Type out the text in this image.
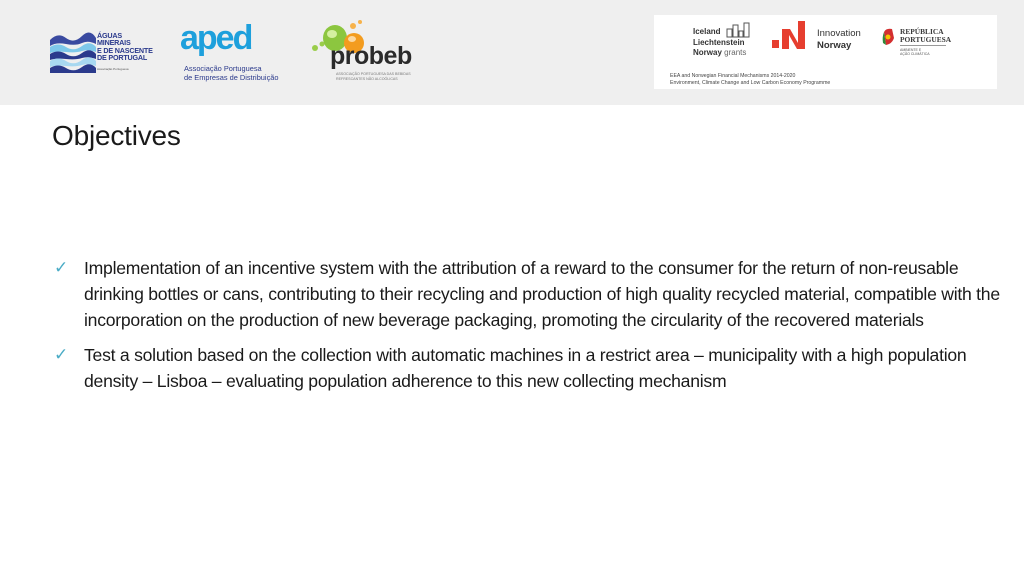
ÁGUAS
MINERAIS
E DE NASCENTE
DE PORTUGAL
Associação Portuguesa
aped
Associação Portuguesa
de Empresas de Distribuição
probeb
ASSOCIAÇÃO PORTUGUESA DAS BEBIDAS
REFRESCANTES NÃO ALCOÓLICAS
Iceland
Liechtenstein
Norway grants
Innovation
Norway
REPÚBLICA
PORTUGUESA
AMBIENTE E
AÇÃO CLIMÁTICA
EEA and Norwegian Financial Mechanisms 2014-2020
Environment, Climate Change and Low Carbon Economy Programme
Objectives
✓ Implementation of an incentive system with the attribution of a reward to the consumer for the return of non-reusable drinking bottles or cans, contributing to their recycling and production of high quality recycled material, compatible with the incorporation on the production of new beverage packaging, promoting the circularity of the recovered materials
✓ Test a solution based on the collection with automatic machines in a restrict area – municipality with a high population density – Lisboa – evaluating population adherence to this new collecting mechanism
